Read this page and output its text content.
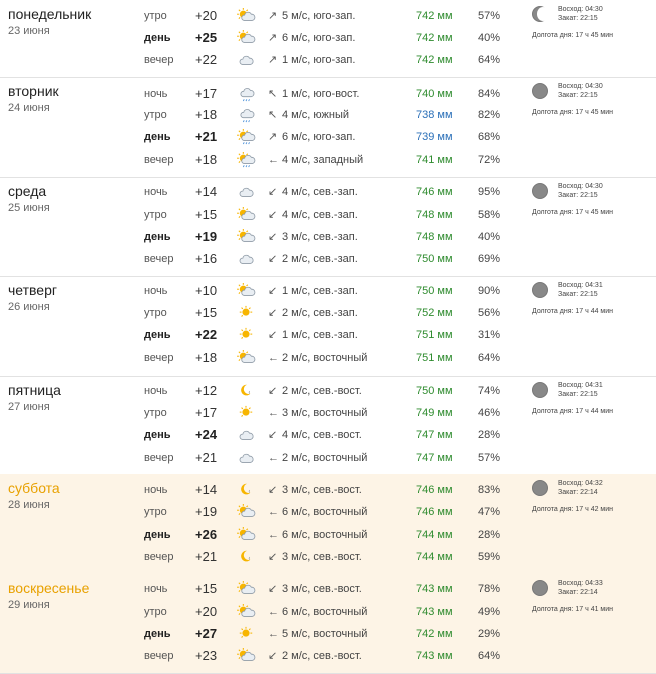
понедельник
23 июня
Восход: 04:30
Закат: 22:15
Долгота дня: 17 ч 45 мин
утро +20	↗ 5 м/с, юго-зап.	742 мм 57%
день +25	↗ 6 м/с, юго-зап.	742 мм 40%
вечер +22	↗ 1 м/с, юго-зап.	742 мм 64%
вторник
24 июня
Восход: 04:30
Закат: 22:15
Долгота дня: 17 ч 45 мин
ночь +17	↖ 1 м/с, юго-вост.	740 мм 84%
утро +18	↖ 4 м/с, южный	738 мм 82%
день +21	↗ 6 м/с, юго-зап.	739 мм 68%
вечер +18	← 4 м/с, западный	741 мм 72%
среда
25 июня
Восход: 04:30
Закат: 22:15
Долгота дня: 17 ч 45 мин
ночь +14	↙ 4 м/с, сев.-зап.	746 мм 95%
утро +15	↙ 4 м/с, сев.-зап.	748 мм 58%
день +19	↙ 3 м/с, сев.-зап.	748 мм 40%
вечер +16	↙ 2 м/с, сев.-зап.	750 мм 69%
четверг
26 июня
Восход: 04:31
Закат: 22:15
Долгота дня: 17 ч 44 мин
ночь +10	↙ 1 м/с, сев.-зап.	750 мм 90%
утро +15	↙ 2 м/с, сев.-зап.	752 мм 56%
день +22	↙ 1 м/с, сев.-зап.	751 мм 31%
вечер +18	← 2 м/с, восточный	751 мм 64%
пятница
27 июня
Восход: 04:31
Закат: 22:15
Долгота дня: 17 ч 44 мин
ночь +12	↙ 2 м/с, сев.-вост.	750 мм 74%
утро +17	← 3 м/с, восточный	749 мм 46%
день +24	↙ 4 м/с, сев.-вост.	747 мм 28%
вечер +21	← 2 м/с, восточный	747 мм 57%
суббота
28 июня
Восход: 04:32
Закат: 22:14
Долгота дня: 17 ч 42 мин
ночь +14	↙ 3 м/с, сев.-вост.	746 мм 83%
утро +19	← 6 м/с, восточный	746 мм 47%
день +26	← 6 м/с, восточный	744 мм 28%
вечер +21	↙ 3 м/с, сев.-вост.	744 мм 59%
воскресенье
29 июня
Восход: 04:33
Закат: 22:14
Долгота дня: 17 ч 41 мин
ночь +15	↙ 3 м/с, сев.-вост.	743 мм 78%
утро +20	← 6 м/с, восточный	743 мм 49%
день +27	← 5 м/с, восточный	742 мм 29%
вечер +23	↙ 2 м/с, сев.-вост.	743 мм 64%
